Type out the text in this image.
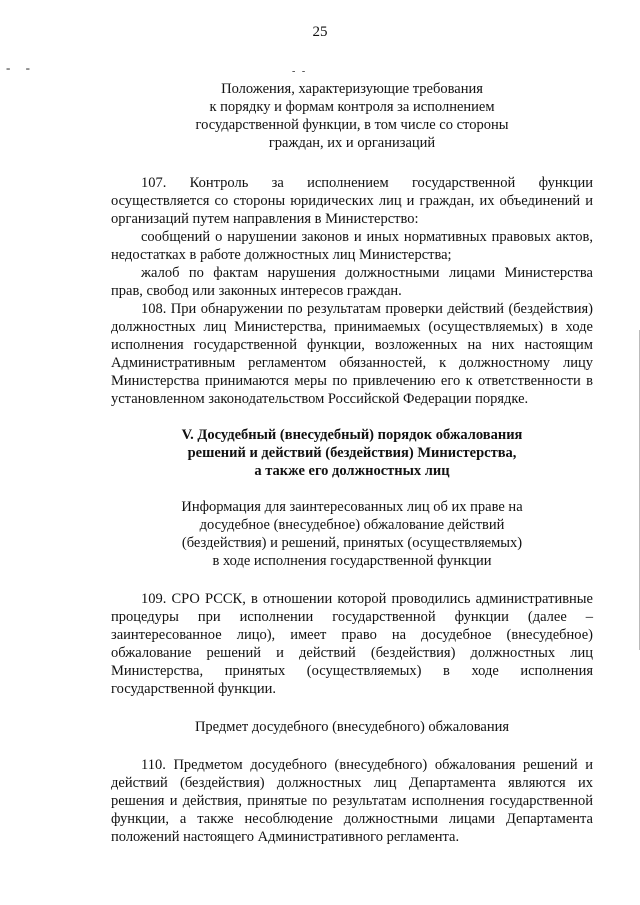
- -	- -
25
Положения, характеризующие требования
к порядку и формам контроля за исполнением
государственной функции, в том числе со стороны
граждан, их и организаций

107. Контроль за исполнением государственной функции осуществляется со стороны юридических лиц и граждан, их объединений и организаций путем направления в Министерство:

сообщений о нарушении законов и иных нормативных правовых актов, недостатках в работе должностных лиц Министерства;

жалоб по фактам нарушения должностными лицами Министерства прав, свобод или законных интересов граждан.

108. При обнаружении по результатам проверки действий (бездействия) должностных лиц Министерства, принимаемых (осуществляемых) в ходе исполнения государственной функции, возложенных на них настоящим Административным регламентом обязанностей, к должностному лицу Министерства принимаются меры по привлечению его к ответственности в установленном законодательством Российской Федерации порядке.

V. Досудебный (внесудебный) порядок обжалования
решений и действий (бездействия) Министерства,
а также его должностных лиц
Информация для заинтересованных лиц об их праве на
досудебное (внесудебное) обжалование действий
(бездействия) и решений, принятых (осуществляемых)
в ходе исполнения государственной функции

109. СРО РССК, в отношении которой проводились административные процедуры при исполнении государственной функции (далее – заинтересованное лицо), имеет право на досудебное (внесудебное) обжалование решений и действий (бездействия) должностных лиц Министерства, принятых (осуществляемых) в ходе исполнения государственной функции.

Предмет досудебного (внесудебного) обжалования

110. Предметом досудебного (внесудебного) обжалования решений и действий (бездействия) должностных лиц Департамента являются их решения и действия, принятые по результатам исполнения государственной функции, а также несоблюдение должностными лицами Департамента положений настоящего Административного регламента.
